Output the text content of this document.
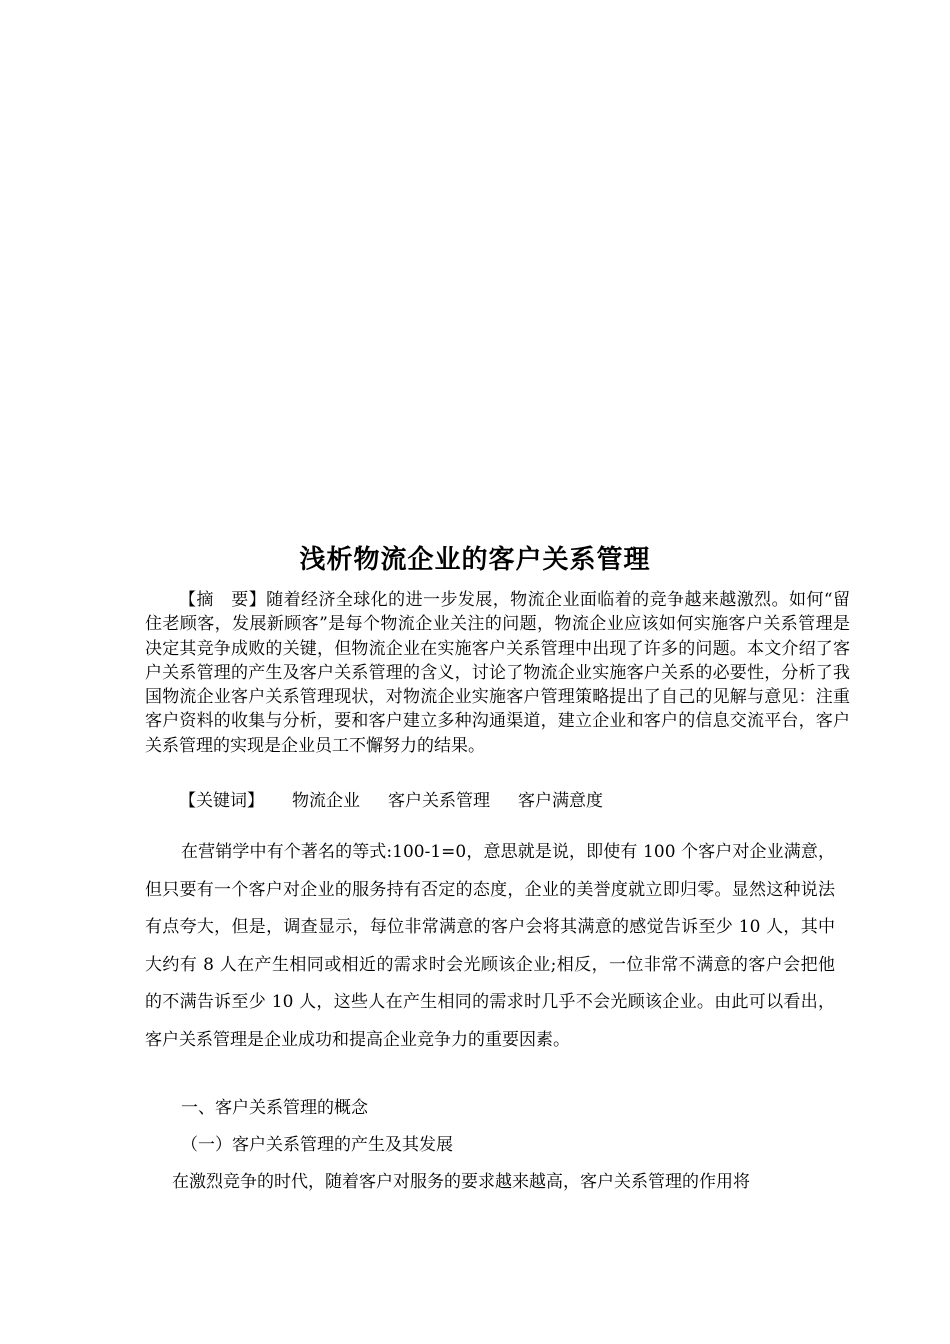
浅析物流企业的客户关系管理

【摘　要】随着经济全球化的进一步发展，物流企业面临着的竞争越来越激烈。如何“留住老顾客，发展新顾客”是每个物流企业关注的问题，物流企业应该如何实施客户关系管理是决定其竞争成败的关键，但物流企业在实施客户关系管理中出现了许多的问题。本文介绍了客户关系管理的产生及客户关系管理的含义，讨论了物流企业实施客户关系的必要性，分析了我国物流企业客户关系管理现状，对物流企业实施客户管理策略提出了自己的见解与意见：注重客户资料的收集与分析，要和客户建立多种沟通渠道，建立企业和客户的信息交流平台，客户关系管理的实现是企业员工不懈努力的结果。

【关键词】 物流企业 客户关系管理 客户满意度

在营销学中有个著名的等式:100-1=0，意思就是说，即使有 100 个客户对企业满意，但只要有一个客户对企业的服务持有否定的态度，企业的美誉度就立即归零。显然这种说法有点夸大，但是，调查显示，每位非常满意的客户会将其满意的感觉告诉至少 10 人，其中大约有 8 人在产生相同或相近的需求时会光顾该企业;相反，一位非常不满意的客户会把他的不满告诉至少 10 人，这些人在产生相同的需求时几乎不会光顾该企业。由此可以看出，客户关系管理是企业成功和提高企业竞争力的重要因素。

一、客户关系管理的概念
（一）客户关系管理的产生及其发展
在激烈竞争的时代，随着客户对服务的要求越来越高，客户关系管理的作用将
